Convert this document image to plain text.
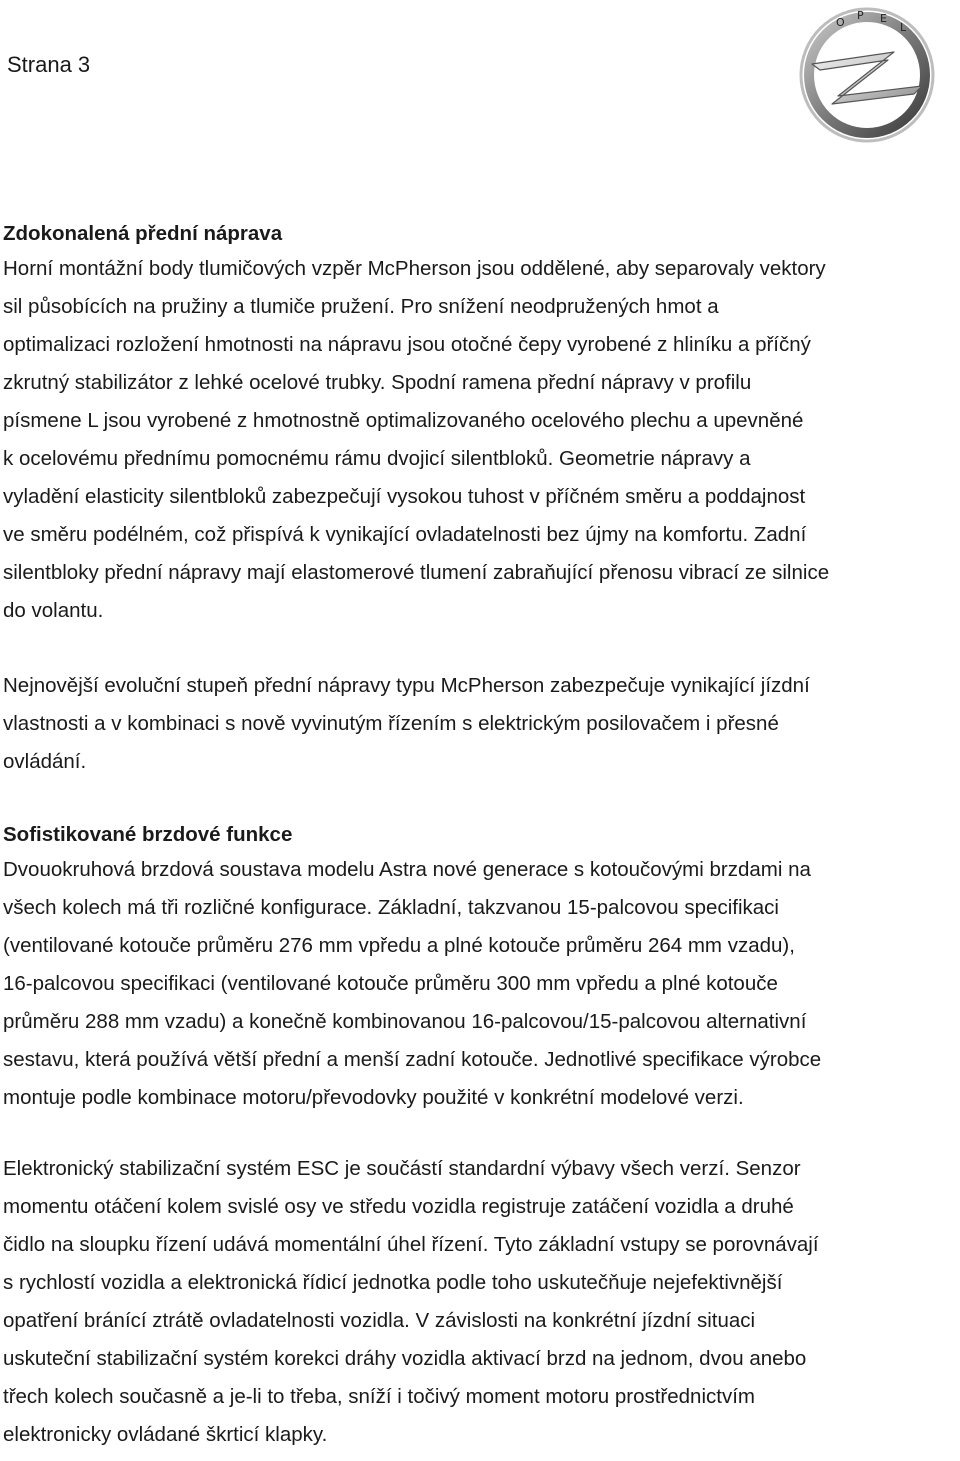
Strana 3

O
P E
L
Zdokonalená přední náprava

Horní montážní body tlumičových vzpěr McPherson jsou oddělené, aby separovaly vektory
sil působících na pružiny a tlumiče pružení. Pro snížení neodpružených hmot a
optimalizaci rozložení hmotnosti na nápravu jsou otočné čepy vyrobené z hliníku a příčný
zkrutný stabilizátor z lehké ocelové trubky. Spodní ramena přední nápravy v profilu
písmene L jsou vyrobené z hmotnostně optimalizovaného ocelového plechu a upevněné
k ocelovému přednímu pomocnému rámu dvojicí silentbloků. Geometrie nápravy a
vyladění elasticity silentbloků zabezpečují vysokou tuhost v příčném směru a poddajnost
ve směru podélném, což přispívá k vynikající ovladatelnosti bez újmy na komfortu. Zadní
silentbloky přední nápravy mají elastomerové tlumení zabraňující přenosu vibrací ze silnice
do volantu.

Nejnovější evoluční stupeň přední nápravy typu McPherson zabezpečuje vynikající jízdní
vlastnosti a v kombinaci s nově vyvinutým řízením s elektrickým posilovačem i přesné
ovládání.

Sofistikované brzdové funkce

Dvouokruhová brzdová soustava modelu Astra nové generace s kotoučovými brzdami na
všech kolech má tři rozličné konfigurace. Základní, takzvanou 15-palcovou specifikaci
(ventilované kotouče průměru 276 mm vpředu a plné kotouče průměru 264 mm vzadu),
16-palcovou specifikaci (ventilované kotouče průměru 300 mm vpředu a plné kotouče
průměru 288 mm vzadu) a konečně kombinovanou 16-palcovou/15-palcovou alternativní
sestavu, která používá větší přední a menší zadní kotouče. Jednotlivé specifikace výrobce
montuje podle kombinace motoru/převodovky použité v konkrétní modelové verzi.

Elektronický stabilizační systém ESC je součástí standardní výbavy všech verzí. Senzor
momentu otáčení kolem svislé osy ve středu vozidla registruje zatáčení vozidla a druhé
čidlo na sloupku řízení udává momentální úhel řízení. Tyto základní vstupy se porovnávají
s rychlostí vozidla a elektronická řídicí jednotka podle toho uskutečňuje nejefektivnější
opatření bránící ztrátě ovladatelnosti vozidla. V závislosti na konkrétní jízdní situaci
uskuteční stabilizační systém korekci dráhy vozidla aktivací brzd na jednom, dvou anebo
třech kolech současně a je-li to třeba, sníží i točivý moment motoru prostřednictvím
elektronicky ovládané škrticí klapky.
